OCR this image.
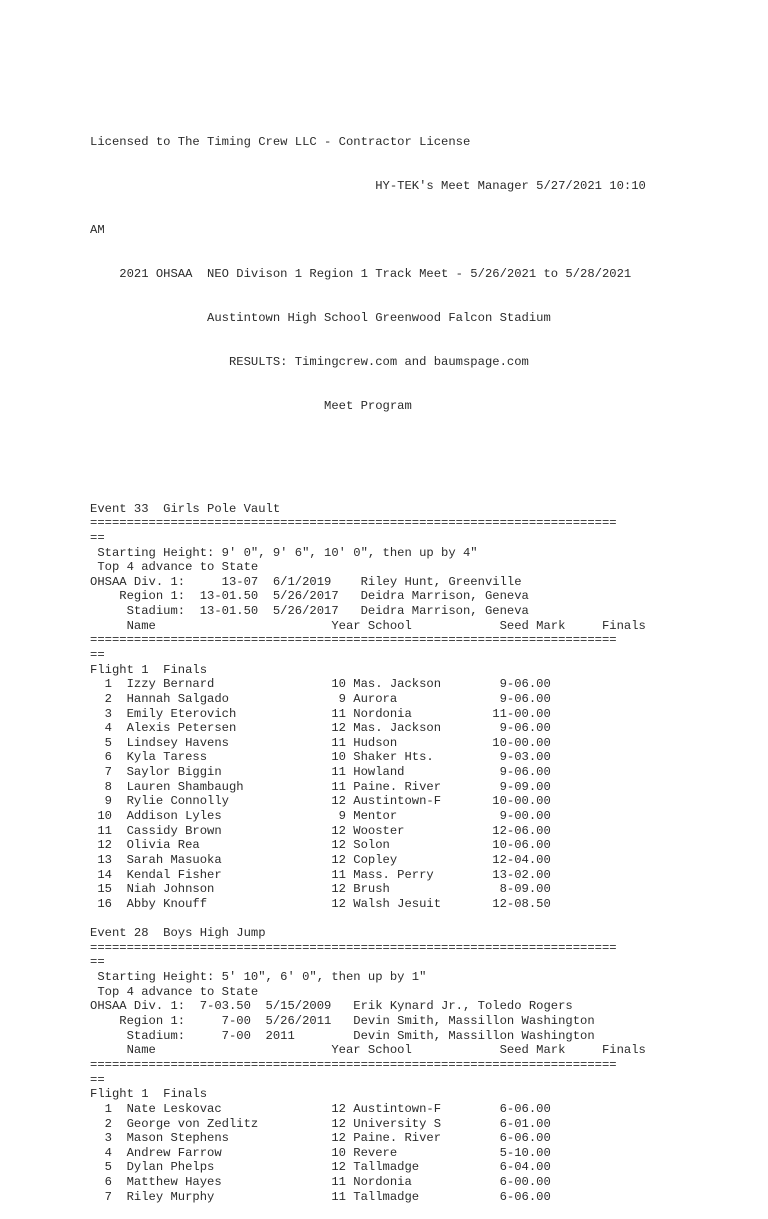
Licensed to The Timing Crew LLC - Contractor License

HY-TEK's Meet Manager 5/27/2021 10:10

AM

2021 OHSAA  NEO Divison 1 Region 1 Track Meet - 5/26/2021 to 5/28/2021

Austintown High School Greenwood Falcon Stadium

RESULTS: Timingcrew.com and baumspage.com

Meet Program

Event 33  Girls Pole Vault
========================================================================
==
Starting Height: 9' 0", 9' 6", 10' 0", then up by 4"
Top 4 advance to State
OHSAA Div. 1:     13-07  6/1/2019    Riley Hunt, Greenville
Region 1:  13-01.50  5/26/2017   Deidra Marrison, Geneva
Stadium:  13-01.50  5/26/2017   Deidra Marrison, Geneva
Name                        Year School            Seed Mark     Finals
========================================================================
==
Flight 1  Finals
1  Izzy Bernard                10 Mas. Jackson        9-06.00
2  Hannah Salgado               9 Aurora              9-06.00
3  Emily Eterovich             11 Nordonia           11-00.00
4  Alexis Petersen             12 Mas. Jackson        9-06.00
5  Lindsey Havens              11 Hudson             10-00.00
6  Kyla Taress                 10 Shaker Hts.         9-03.00
7  Saylor Biggin               11 Howland             9-06.00
8  Lauren Shambaugh            11 Paine. River        9-09.00
9  Rylie Connolly              12 Austintown-F       10-00.00
10  Addison Lyles                9 Mentor              9-00.00
11  Cassidy Brown               12 Wooster            12-06.00
12  Olivia Rea                  12 Solon              10-06.00
13  Sarah Masuoka               12 Copley             12-04.00
14  Kendal Fisher               11 Mass. Perry        13-02.00
15  Niah Johnson                12 Brush               8-09.00
16  Abby Knouff                 12 Walsh Jesuit       12-08.50
Event 28  Boys High Jump
========================================================================
==
Starting Height: 5' 10", 6' 0", then up by 1"
Top 4 advance to State
OHSAA Div. 1:  7-03.50  5/15/2009   Erik Kynard Jr., Toledo Rogers
Region 1:     7-00  5/26/2011   Devin Smith, Massillon Washington
Stadium:     7-00  2011        Devin Smith, Massillon Washington
Name                        Year School            Seed Mark     Finals
========================================================================
==
Flight 1  Finals
1  Nate Leskovac               12 Austintown-F        6-06.00
2  George von Zedlitz          12 University S        6-01.00
3  Mason Stephens              12 Paine. River        6-06.00
4  Andrew Farrow               10 Revere              5-10.00
5  Dylan Phelps                12 Tallmadge           6-04.00
6  Matthew Hayes               11 Nordonia            6-00.00
7  Riley Murphy                11 Tallmadge           6-06.00
